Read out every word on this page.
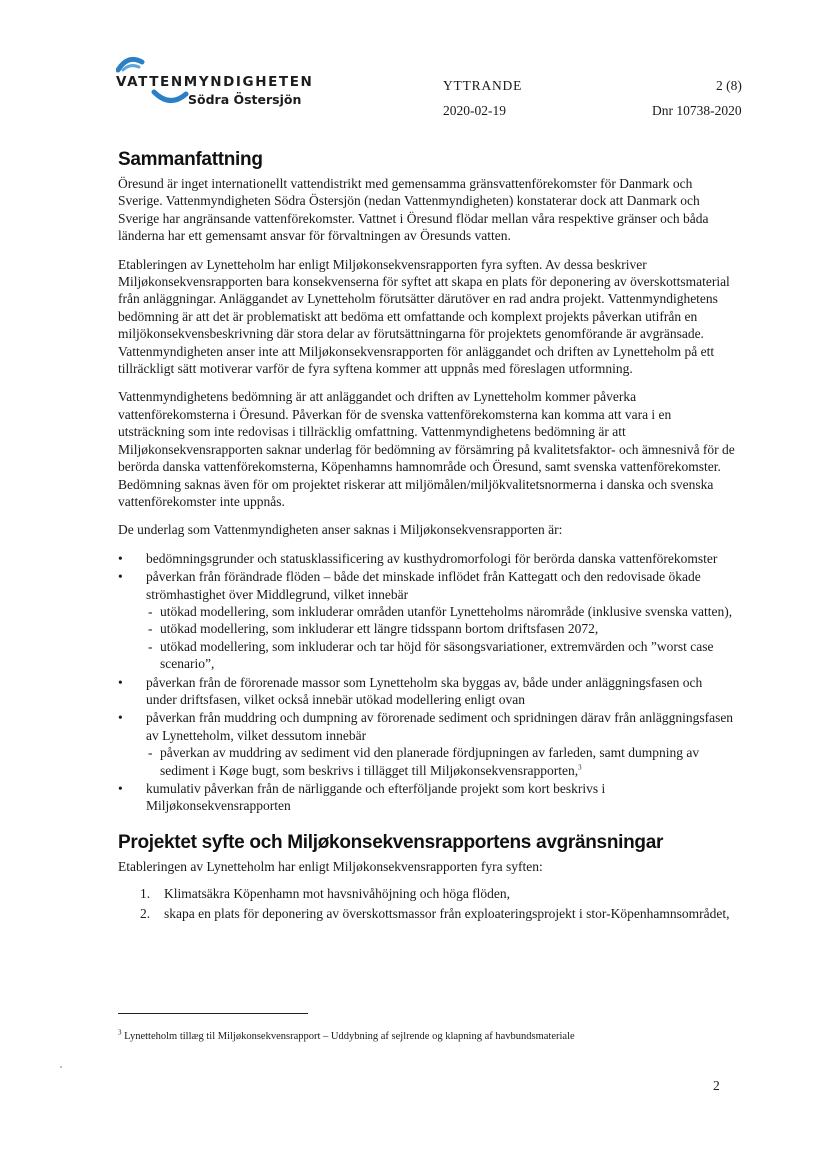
VATTENMYNDIGHETEN
Södra Östersjön
YTTRANDE	2 (8)
2020-02-19	Dnr 10738-2020
Sammanfattning

Öresund är inget internationellt vattendistrikt med gemensamma gränsvattenförekomster för Danmark och Sverige. Vattenmyndigheten Södra Östersjön (nedan Vattenmyndigheten) konstaterar dock att Danmark och Sverige har angränsande vattenförekomster. Vattnet i Öresund flödar mellan våra respektive gränser och båda länderna har ett gemensamt ansvar för förvaltningen av Öresunds vatten.

Etableringen av Lynetteholm har enligt Miljøkonsekvensrapporten fyra syften. Av dessa beskriver Miljøkonsekvensrapporten bara konsekvenserna för syftet att skapa en plats för deponering av överskottsmaterial från anläggningar. Anläggandet av Lynetteholm förutsätter därutöver en rad andra projekt. Vattenmyndighetens bedömning är att det är problematiskt att bedöma ett omfattande och komplext projekts påverkan utifrån en miljökonsekvensbeskrivning där stora delar av förutsättningarna för projektets genomförande är avgränsade. Vattenmyndigheten anser inte att Miljøkonsekvensrapporten för anläggandet och driften av Lynetteholm på ett tillräckligt sätt motiverar varför de fyra syftena kommer att uppnås med föreslagen utformning.

Vattenmyndighetens bedömning är att anläggandet och driften av Lynetteholm kommer påverka vattenförekomsterna i Öresund. Påverkan för de svenska vattenförekomsterna kan komma att vara i en utsträckning som inte redovisas i tillräcklig omfattning. Vattenmyndighetens bedömning är att Miljøkonsekvensrapporten saknar underlag för bedömning av försämring på kvalitetsfaktor- och ämnesnivå för de berörda danska vattenförekomsterna, Köpenhamns hamnområde och Öresund, samt svenska vattenförekomster. Bedömning saknas även för om projektet riskerar att miljömålen/miljökvalitetsnormerna i danska och svenska vattenförekomster inte uppnås.

De underlag som Vattenmyndigheten anser saknas i Miljøkonsekvensrapporten är:

• bedömningsgrunder och statusklassificering av kusthydromorfologi för berörda danska vattenförekomster
• påverkan från förändrade flöden – både det minskade inflödet från Kattegatt och den redovisade ökade strömhastighet över Middlegrund, vilket innebär
- utökad modellering, som inkluderar områden utanför Lynetteholms närområde (inklusive svenska vatten),
- utökad modellering, som inkluderar ett längre tidsspann bortom driftsfasen 2072,
- utökad modellering, som inkluderar och tar höjd för säsongsvariationer, extremvärden och ”worst case scenario”,
• påverkan från de förorenade massor som Lynetteholm ska byggas av, både under anläggningsfasen och under driftsfasen, vilket också innebär utökad modellering enligt ovan
• påverkan från muddring och dumpning av förorenade sediment och spridningen därav från anläggningsfasen av Lynetteholm, vilket dessutom innebär
- påverkan av muddring av sediment vid den planerade fördjupningen av farleden, samt dumpning av sediment i Køge bugt, som beskrivs i tillägget till Miljøkonsekvensrapporten,$^3$
• kumulativ påverkan från de närliggande och efterföljande projekt som kort beskrivs i Miljøkonsekvensrapporten
Projektet syfte och Miljøkonsekvensrapportens avgränsningar

Etableringen av Lynetteholm har enligt Miljøkonsekvensrapporten fyra syften:

1. Klimatsäkra Köpenhamn mot havsnivåhöjning och höga flöden,
2. skapa en plats för deponering av överskottsmassor från exploateringsprojekt i stor-Köpenhamnsområdet,
$^3$ Lynetteholm tillæg til Miljøkonsekvensrapport – Uddybning af sejlrende og klapning af havbundsmateriale
2
